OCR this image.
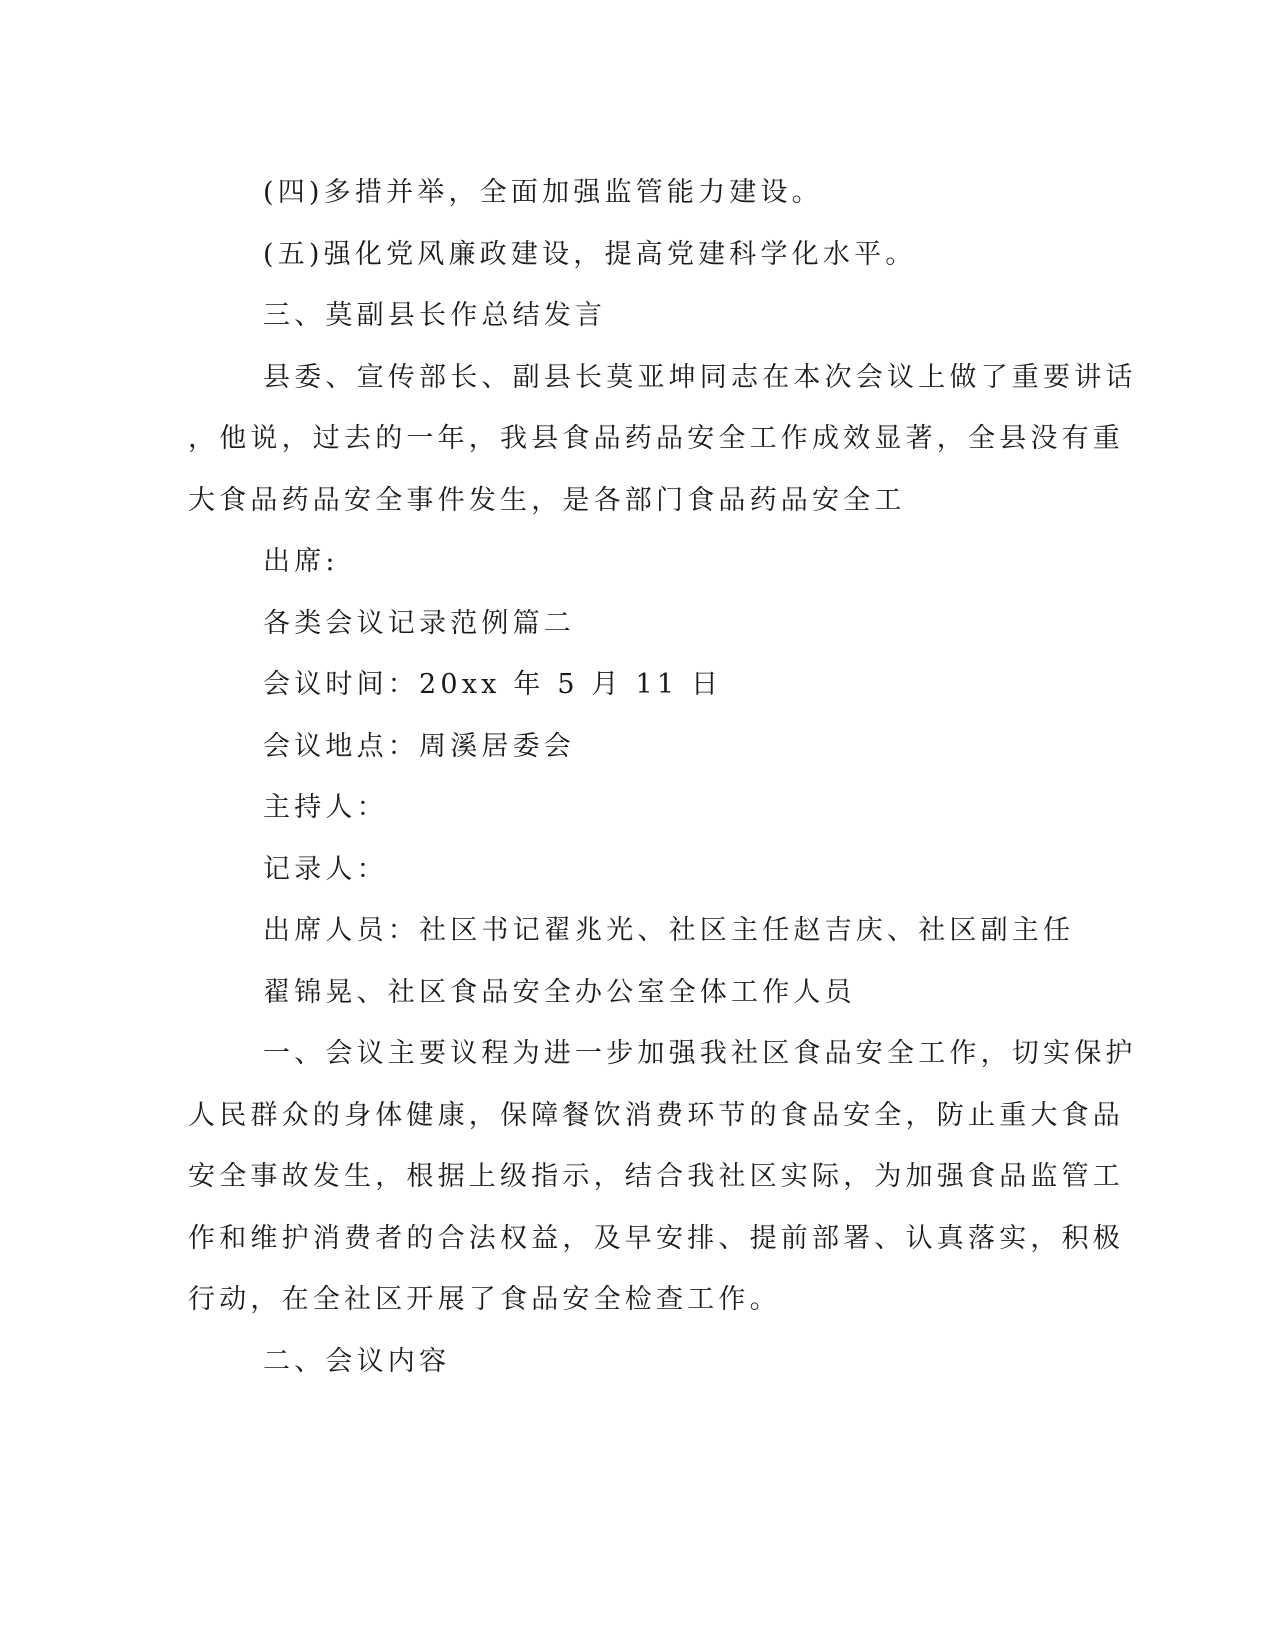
(四)多措并举，全面加强监管能力建设。
(五)强化党风廉政建设，提高党建科学化水平。
三、莫副县长作总结发言
县委、宣传部长、副县长莫亚坤同志在本次会议上做了重要讲话
，他说，过去的一年，我县食品药品安全工作成效显著，全县没有重
大食品药品安全事件发生，是各部门食品药品安全工
出席:
各类会议记录范例篇二
会议时间：20xx 年 5 月 11 日
会议地点：周溪居委会
主持人：
记录人：
出席人员：社区书记翟兆光、社区主任赵吉庆、社区副主任
翟锦晃、社区食品安全办公室全体工作人员
一、会议主要议程为进一步加强我社区食品安全工作，切实保护
人民群众的身体健康，保障餐饮消费环节的食品安全，防止重大食品
安全事故发生，根据上级指示，结合我社区实际，为加强食品监管工
作和维护消费者的合法权益，及早安排、提前部署、认真落实，积极
行动，在全社区开展了食品安全检查工作。
二、会议内容
